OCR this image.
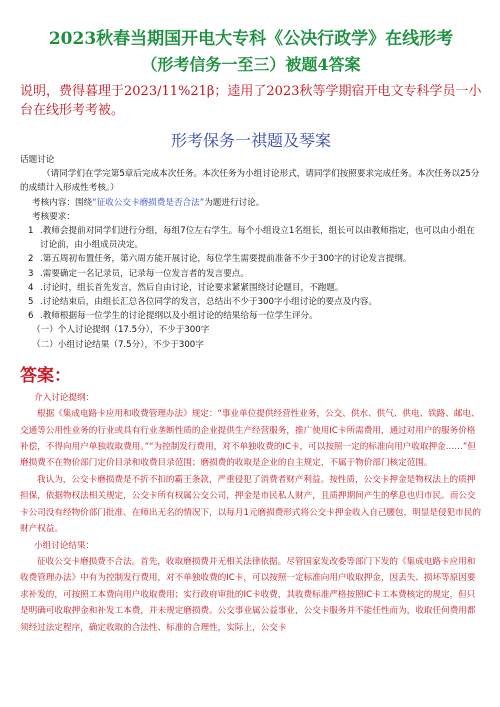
2023秋春当期国开电大专科《公决行政学》在线形考
（形考信务一至三）被题4答案

说明，费得暮理于2023/11%21β；逵用了2023秋等学期宿开电文专科学员一小台在线形考考被。

形考保务一祺题及琴案

话题讨论

（请同学们在学完第5章后完成本次任务。本次任务为小组讨论形式，请同学们按照要求完成任务。本次任务以25分的成绩计入形成性考核。）

考核内容：围绕“征收公交卡磨损费是否合法”为题进行讨论。

考核要求：

1 .教师会提前对同学们进行分组，每组7位左右学生。每个小组设立1名组长，组长可以由教师指定，也可以由小组在讨论前，由小组成员决定。
2 .第五周初布置任务，第六周方能开展讨论，每位学生需要提前准备不少于300字的讨论发言提纲。
3 .需要确定一名记录员，记录每一位发言者的发言要点。
4 .讨论时，组长首先发言，然后自由讨论，讨论要求紧紧围绕讨论题目，不跑题。
5 .讨论结束后，由组长汇总各位同学的发言，总结出不少于300字小组讨论的要点及内容。
6 .教师根据每一位学生的讨论提纲以及小组讨论的结果给每一位学生评分。

（一）个人讨论提纲（17.5分），不少于300字

（二）小组讨论结果（7.5分），不少于300字

答案：

介入讨论提纲：

根据《集成电路卡应用和收费管理办法》规定：“事业单位提供经营性业务，公交、供水、供气、供电、铁路、邮电、交通等公用性业务的行业或具有行业垄断性质的企业提供生产经营服务，推广使用IC卡所需费用，通过对用户的服务价格补偿，不得向用户单独收取费用。”“为控制发行费用，对不单独收费的IC卡，可以按照一定的标准向用户收取押金……”但磨损费不在物价部门定价目录和收费目录范围；磨损费的收取是企业的自主规定，不属于物价部门核定范围。

我认为，公交卡磨损费是不折不扣的霸王条款，严重侵犯了消费者财产利益。按性质，公交卡押金是物权法上的质押担保，依据物权法相关规定，公交卡所有权属公交公司，押金是市民私人财产，且质押期间产生的孳息也归市民。而公交卡公司没有经物价部门批准、在师出无名的情况下，以每月1元磨损费形式将公交卡押金收入自己腰包，明显是侵犯市民的财产权益。

小组讨论结果：

征收公交卡磨损费不合法。首先，收取磨损费并无相关法律依据。尽管国家发改委等部门下发的《集成电路卡应用和收费管理办法》中有为控制发行费用，对不单独收费的IC卡，可以按照一定标准向用户收取押金，因丢失、损坏等原因要求补发的，可按照工本费向用户收取费用；实行政府审批的IC卡收费，其收费标准严格按照IC卡工本费核定的规定，但只是明确可收取押金和补发工本费，并未规定磨损费。公交事业属公益事业，公交卡服务并不能任性而为，收取任何费用都须经过法定程序，确定收取的合法性、标准的合理性，实际上，公交卡
